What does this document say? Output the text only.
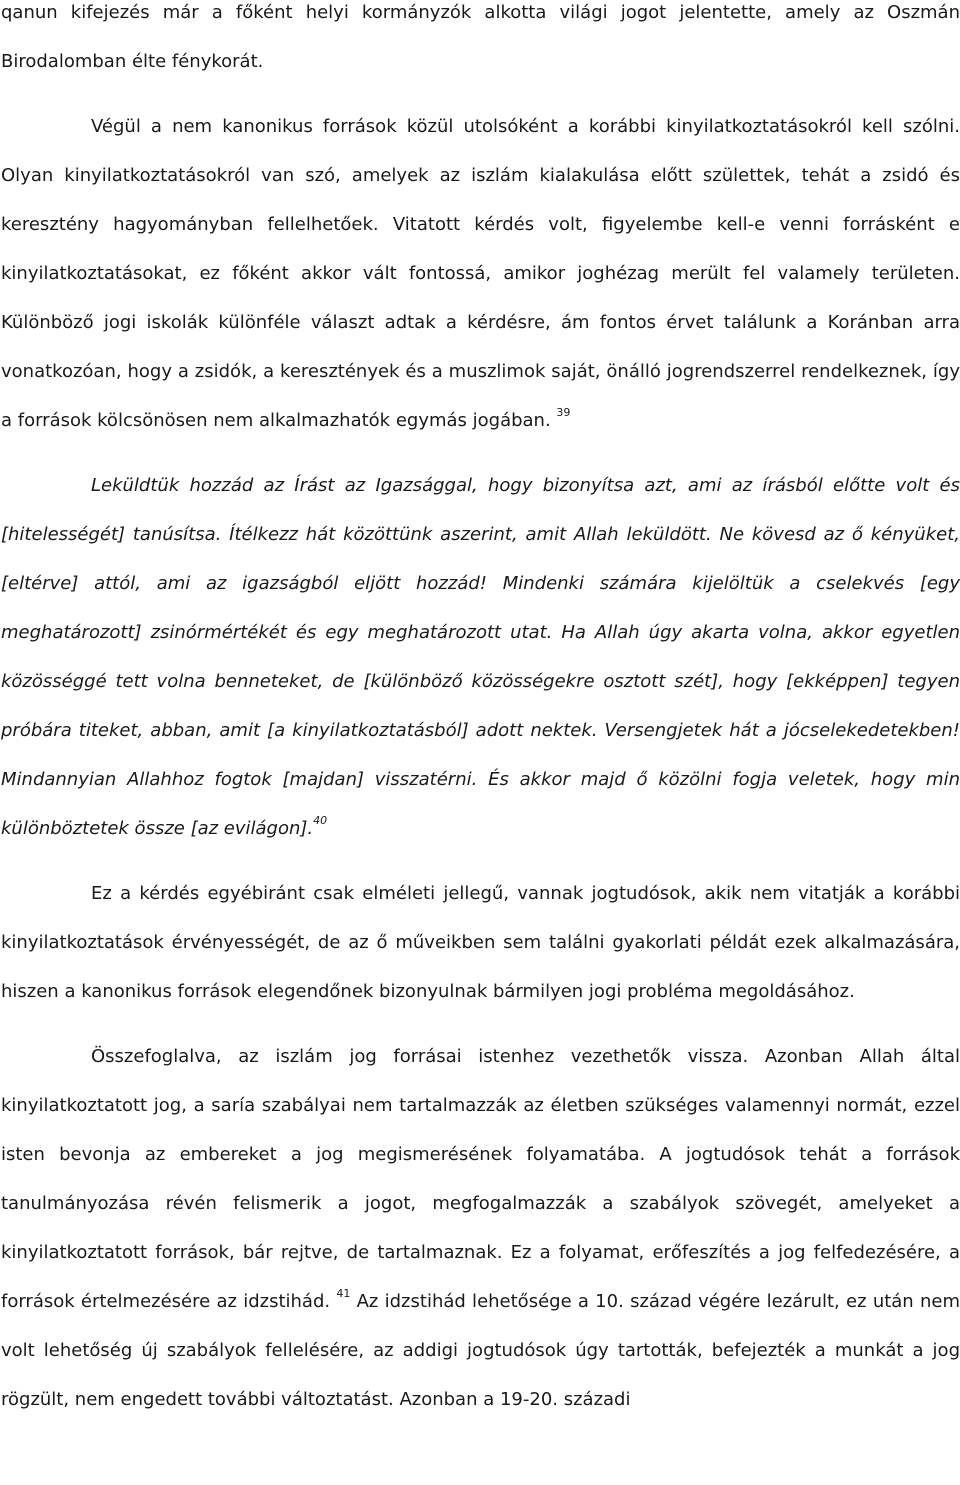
qanun kifejezés már a főként helyi kormányzók alkotta világi jogot jelentette, amely az Oszmán Birodalomban élte fénykorát.

Végül a nem kanonikus források közül utolsóként a korábbi kinyilatkoztatásokról kell szólni. Olyan kinyilatkoztatásokról van szó, amelyek az iszlám kialakulása előtt születtek, tehát a zsidó és keresztény hagyományban fellelhetőek. Vitatott kérdés volt, figyelembe kell-e venni forrásként e kinyilatkoztatásokat, ez főként akkor vált fontossá, amikor joghézag merült fel valamely területen. Különböző jogi iskolák különféle választ adtak a kérdésre, ám fontos érvet találunk a Koránban arra vonatkozóan, hogy a zsidók, a keresztények és a muszlimok saját, önálló jogrendszerrel rendelkeznek, így a források kölcsönösen nem alkalmazhatók egymás jogában. $^{39}$

Leküldtük hozzád az Írást az Igazsággal, hogy bizonyítsa azt, ami az írásból előtte volt és [hitelességét] tanúsítsa. Ítélkezz hát közöttünk aszerint, amit Allah leküldött. Ne kövesd az ő kényüket, [eltérve] attól, ami az igazságból eljött hozzád! Mindenki számára kijelöltük a cselekvés [egy meghatározott] zsinórmértékét és egy meghatározott utat. Ha Allah úgy akarta volna, akkor egyetlen közösséggé tett volna benneteket, de [különböző közösségekre osztott szét], hogy [ekképpen] tegyen próbára titeket, abban, amit [a kinyilatkoztatásból] adott nektek. Versengjetek hát a jócselekedetekben! Mindannyian Allahhoz fogtok [majdan] visszatérni. És akkor majd ő közölni fogja veletek, hogy min különböztetek össze [az evilágon].$^{40}$

Ez a kérdés egyébiránt csak elméleti jellegű, vannak jogtudósok, akik nem vitatják a korábbi kinyilatkoztatások érvényességét, de az ő műveikben sem találni gyakorlati példát ezek alkalmazására, hiszen a kanonikus források elegendőnek bizonyulnak bármilyen jogi probléma megoldásához.

Összefoglalva, az iszlám jog forrásai istenhez vezethetők vissza. Azonban Allah által kinyilatkoztatott jog, a saría szabályai nem tartalmazzák az életben szükséges valamennyi normát, ezzel isten bevonja az embereket a jog megismerésének folyamatába. A jogtudósok tehát a források tanulmányozása révén felismerik a jogot, megfogalmazzák a szabályok szövegét, amelyeket a kinyilatkoztatott források, bár rejtve, de tartalmaznak. Ez a folyamat, erőfeszítés a jog felfedezésére, a források értelmezésére az idzstihád. $^{41}$ Az idzstihád lehetősége a 10. század végére lezárult, ez után nem volt lehetőség új szabályok fellelésére, az addigi jogtudósok úgy tartották, befejezték a munkát a jog rögzült, nem engedett további változtatást. Azonban a 19-20. századi
